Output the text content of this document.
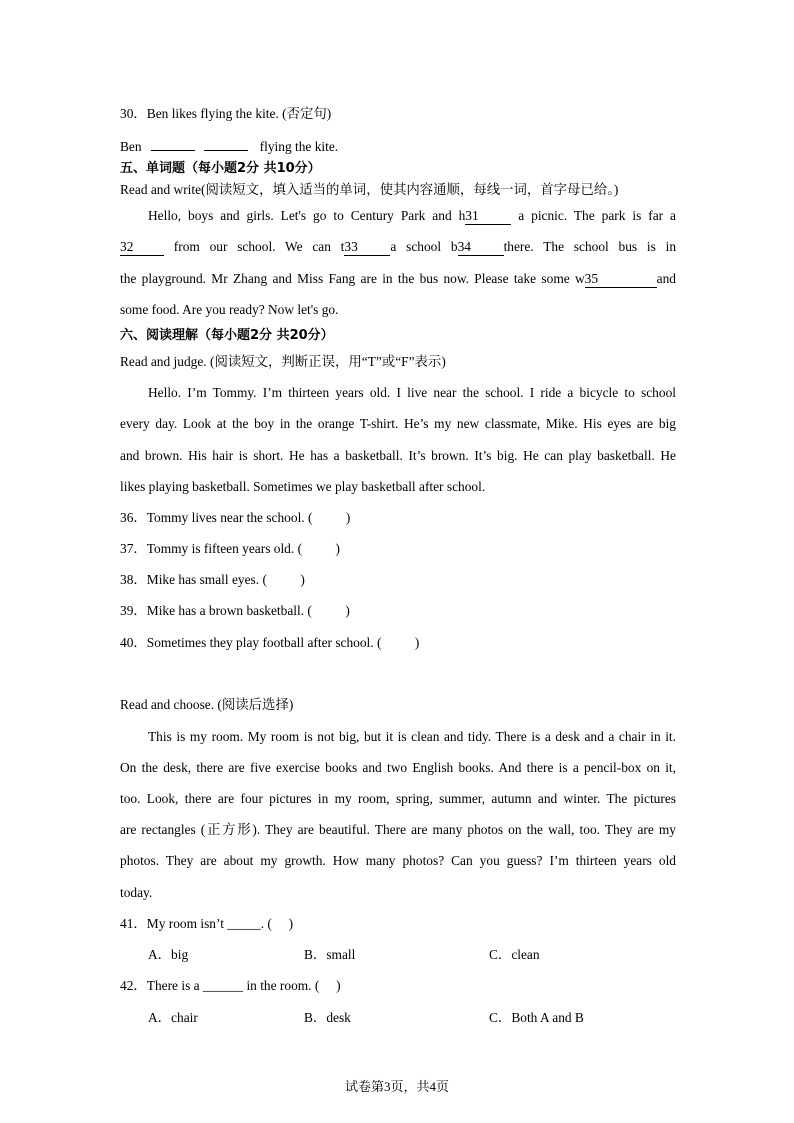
30．Ben likes flying the kite. (否定句)
Ben	flying the kite.
五、单词题（每小题2分 共10分）
Read and write(阅读短文，填入适当的单词，使其内容通顺，每线一词，首字母已给。)
Hello, boys and girls. Let's go to Century Park and h31	a picnic. The park is far a
32	from our school. We can t33 a school b34 there. The school bus is in
the playground. Mr Zhang and Miss Fang are in the bus now. Please take some w35	and
some food. Are you ready? Now let's go.
六、阅读理解（每小题2分 共20分）
Read and judge. (阅读短文，判断正误，用“T”或“F”表示)
Hello. I’m Tommy. I’m thirteen years old. I live near the school. I ride a bicycle to school
every day. Look at the boy in the orange T-shirt. He’s my new classmate, Mike. His eyes are big
and brown. His hair is short. He has a basketball. It’s brown. It’s big. He can play basketball. He
likes playing basketball. Sometimes we play basketball after school.
36．Tommy lives near the school. (          )
37．Tommy is fifteen years old. (          )
38．Mike has small eyes. (          )
39．Mike has a brown basketball. (          )
40．Sometimes they play football after school. (          )
Read and choose. (阅读后选择)
This is my room. My room is not big, but it is clean and tidy. There is a desk and a chair in it.
On the desk, there are five exercise books and two English books. And there is a pencil-box on it,
too. Look, there are four pictures in my room, spring, summer, autumn and winter. The pictures
are rectangles (正方形). They are beautiful. There are many photos on the wall, too. They are my
photos. They are about my growth. How many photos? Can you guess? I’m thirteen years old
today.
41．My room isn’t _____. (     )
A．big	B．small	C．clean
42．There is a ______ in the room. (     )
A．chair	B．desk	C．Both A and B
试卷第3页，共4页
